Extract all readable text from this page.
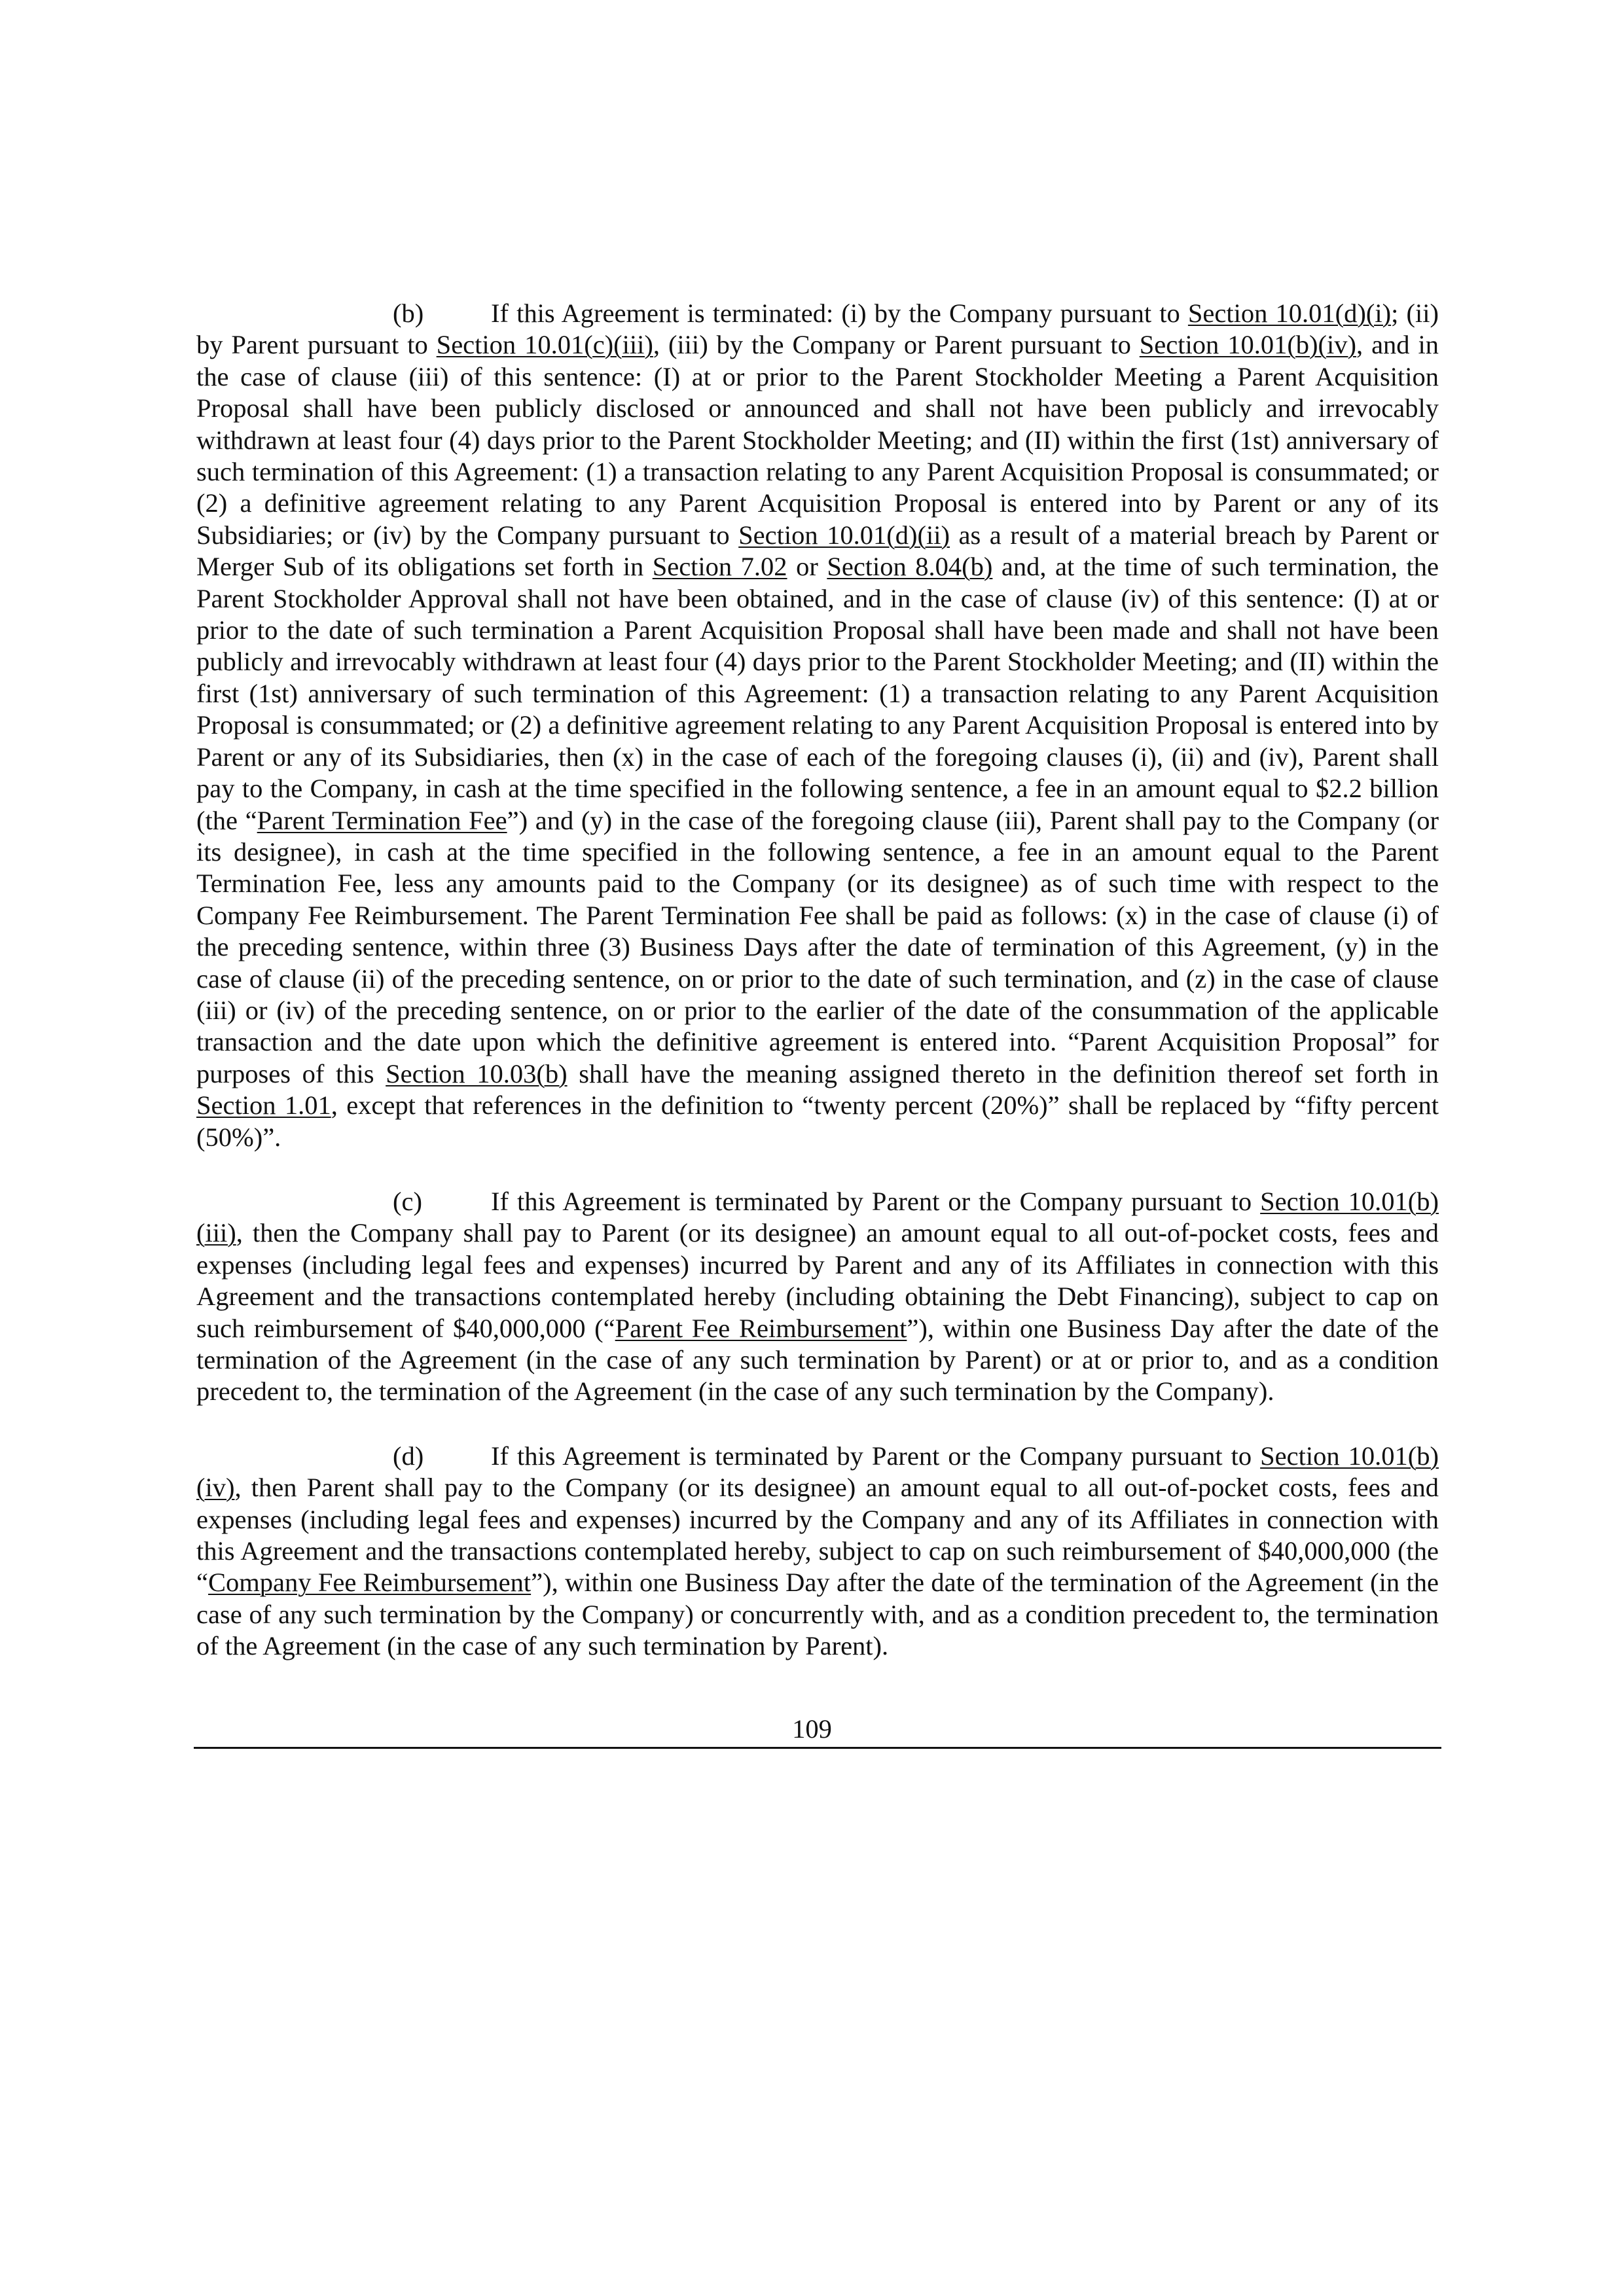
(b)	If this Agreement is terminated: (i) by the Company pursuant to Section 10.01(d)(i); (ii) by Parent pursuant to Section 10.01(c)(iii), (iii) by the Company or Parent pursuant to Section 10.01(b)(iv), and in the case of clause (iii) of this sentence: (I) at or prior to the Parent Stockholder Meeting a Parent Acquisition Proposal shall have been publicly disclosed or announced and shall not have been publicly and irrevocably withdrawn at least four (4) days prior to the Parent Stockholder Meeting; and (II) within the first (1st) anniversary of such termination of this Agreement: (1) a transaction relating to any Parent Acquisition Proposal is consummated; or (2) a definitive agreement relating to any Parent Acquisition Proposal is entered into by Parent or any of its Subsidiaries; or (iv) by the Company pursuant to Section 10.01(d)(ii) as a result of a material breach by Parent or Merger Sub of its obligations set forth in Section 7.02 or Section 8.04(b) and, at the time of such termination, the Parent Stockholder Approval shall not have been obtained, and in the case of clause (iv) of this sentence: (I) at or prior to the date of such termination a Parent Acquisition Proposal shall have been made and shall not have been publicly and irrevocably withdrawn at least four (4) days prior to the Parent Stockholder Meeting; and (II) within the first (1st) anniversary of such termination of this Agreement: (1) a transaction relating to any Parent Acquisition Proposal is consummated; or (2) a definitive agreement relating to any Parent Acquisition Proposal is entered into by Parent or any of its Subsidiaries, then (x) in the case of each of the foregoing clauses (i), (ii) and (iv), Parent shall pay to the Company, in cash at the time specified in the following sentence, a fee in an amount equal to $2.2 billion (the “Parent Termination Fee”) and (y) in the case of the foregoing clause (iii), Parent shall pay to the Company (or its designee), in cash at the time specified in the following sentence, a fee in an amount equal to the Parent Termination Fee, less any amounts paid to the Company (or its designee) as of such time with respect to the Company Fee Reimbursement. The Parent Termination Fee shall be paid as follows: (x) in the case of clause (i) of the preceding sentence, within three (3) Business Days after the date of termination of this Agreement, (y) in the case of clause (ii) of the preceding sentence, on or prior to the date of such termination, and (z) in the case of clause (iii) or (iv) of the preceding sentence, on or prior to the earlier of the date of the consummation of the applicable transaction and the date upon which the definitive agreement is entered into. “Parent Acquisition Proposal” for purposes of this Section 10.03(b) shall have the meaning assigned thereto in the definition thereof set forth in Section 1.01, except that references in the definition to “twenty percent (20%)” shall be replaced by “fifty percent (50%)”.

(c)	If this Agreement is terminated by Parent or the Company pursuant to Section 10.01(b)(iii), then the Company shall pay to Parent (or its designee) an amount equal to all out-of-pocket costs, fees and expenses (including legal fees and expenses) incurred by Parent and any of its Affiliates in connection with this Agreement and the transactions contemplated hereby (including obtaining the Debt Financing), subject to cap on such reimbursement of $40,000,000 (“Parent Fee Reimbursement”), within one Business Day after the date of the termination of the Agreement (in the case of any such termination by Parent) or at or prior to, and as a condition precedent to, the termination of the Agreement (in the case of any such termination by the Company).

(d)	If this Agreement is terminated by Parent or the Company pursuant to Section 10.01(b)(iv), then Parent shall pay to the Company (or its designee) an amount equal to all out-of-pocket costs, fees and expenses (including legal fees and expenses) incurred by the Company and any of its Affiliates in connection with this Agreement and the transactions contemplated hereby, subject to cap on such reimbursement of $40,000,000 (the “Company Fee Reimbursement”), within one Business Day after the date of the termination of the Agreement (in the case of any such termination by the Company) or concurrently with, and as a condition precedent to, the termination of the Agreement (in the case of any such termination by Parent).

109
